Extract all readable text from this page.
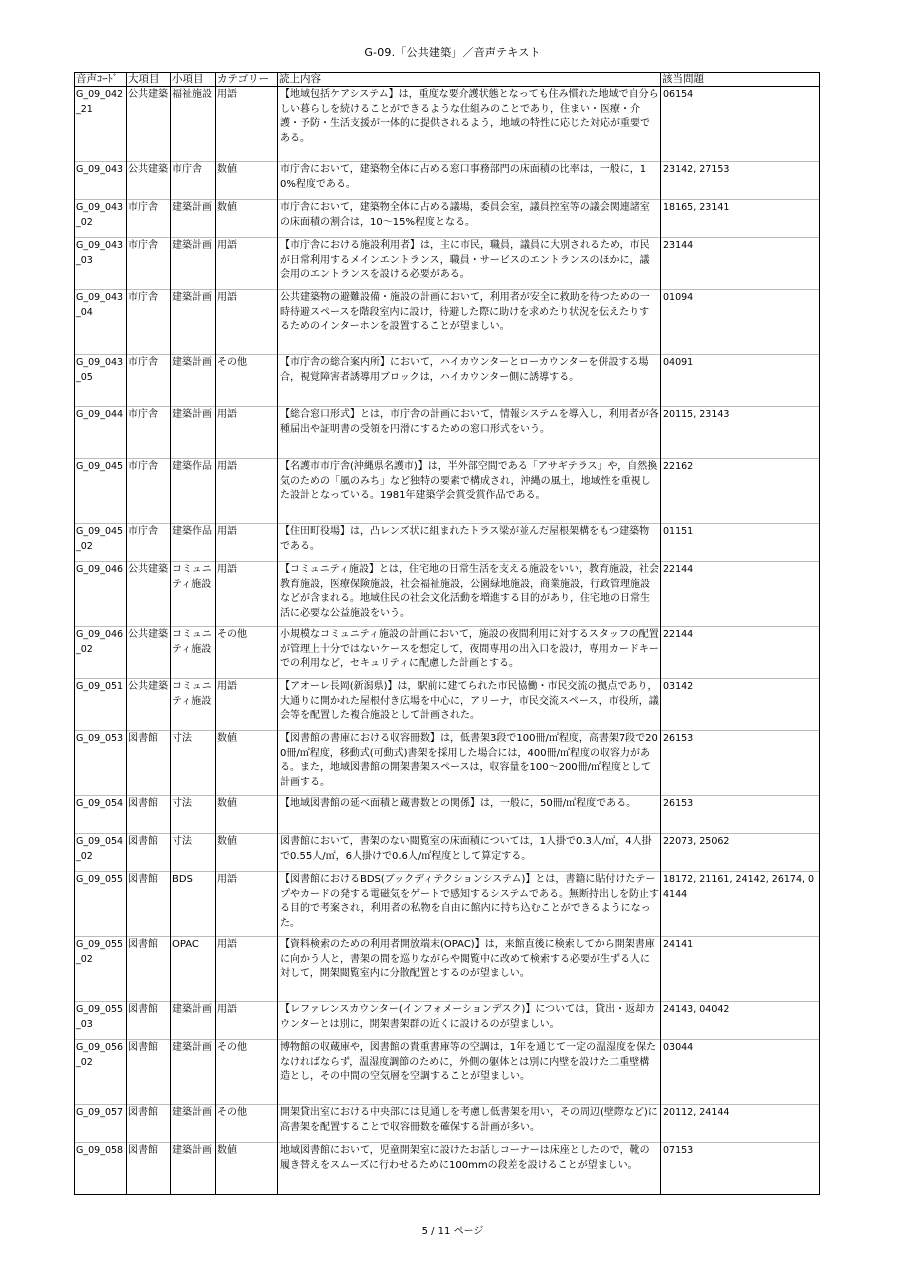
G-09.「公共建築」／音声テキスト
音声ｺｰﾄﾞ	大項目	小項目	カテゴリー	読上内容	該当問題
G_09_042_21	公共建築	福祉施設	用語	【地域包括ケアシステム】は，重度な要介護状態となっても住み慣れた地域で自分らしい暮らしを続けることができるような仕組みのことであり，住まい・医療・介護・予防・生活支援が一体的に提供されるよう，地域の特性に応じた対応が重要である。	06154
G_09_043	公共建築	市庁舎	数値	市庁舎において，建築物全体に占める窓口事務部門の床面積の比率は，一般に，10%程度である。	23142, 27153
G_09_043_02	市庁舎	建築計画	数値	市庁舎において，建築物全体に占める議場，委員会室，議員控室等の議会関連諸室の床面積の割合は，10～15%程度となる。	18165, 23141
G_09_043_03	市庁舎	建築計画	用語	【市庁舎における施設利用者】は，主に市民，職員，議員に大別されるため，市民が日常利用するメインエントランス，職員・サービスのエントランスのほかに，議会用のエントランスを設ける必要がある。	23144
G_09_043_04	市庁舎	建築計画	用語	公共建築物の避難設備・施設の計画において，利用者が安全に救助を待つための一時待避スペースを階段室内に設け，待避した際に助けを求めたり状況を伝えたりするためのインターホンを設置することが望ましい。	01094
G_09_043_05	市庁舎	建築計画	その他	【市庁舎の総合案内所】において，ハイカウンターとローカウンターを併設する場合，視覚障害者誘導用ブロックは，ハイカウンター側に誘導する。	04091
G_09_044	市庁舎	建築計画	用語	【総合窓口形式】とは，市庁舎の計画において，情報システムを導入し，利用者が各種届出や証明書の受領を円滑にするための窓口形式をいう。	20115, 23143
G_09_045	市庁舎	建築作品	用語	【名護市市庁舎(沖縄県名護市)】は，半外部空間である「アサギテラス」や，自然換気のための「風のみち」など独特の要素で構成され，沖縄の風土，地域性を重視した設計となっている。1981年建築学会賞受賞作品である。	22162
G_09_045_02	市庁舎	建築作品	用語	【住田町役場】は，凸レンズ状に組まれたトラス梁が並んだ屋根架構をもつ建築物である。	01151
G_09_046	公共建築	コミュニティ施設	用語	【コミュニティ施設】とは，住宅地の日常生活を支える施設をいい，教育施設，社会教育施設，医療保険施設，社会福祉施設，公園緑地施設，商業施設，行政管理施設などが含まれる。地域住民の社会文化活動を増進する目的があり，住宅地の日常生活に必要な公益施設をいう。	22144
G_09_046_02	公共建築	コミュニティ施設	その他	小規模なコミュニティ施設の計画において，施設の夜間利用に対するスタッフの配置が管理上十分ではないケースを想定して，夜間専用の出入口を設け，専用カードキーでの利用など，セキュリティに配慮した計画とする。	22144
G_09_051	公共建築	コミュニティ施設	用語	【アオーレ長岡(新潟県)】は，駅前に建てられた市民協働・市民交流の拠点であり，大通りに開かれた屋根付き広場を中心に，アリーナ，市民交流スペース，市役所，議会等を配置した複合施設として計画された。	03142
G_09_053	図書館	寸法	数値	【図書館の書庫における収容冊数】は，低書架3段で100冊/㎡程度，高書架7段で200冊/㎡程度，移動式(可動式)書架を採用した場合には，400冊/㎡程度の収容力がある。また，地域図書館の開架書架スペースは，収容量を100～200冊/㎡程度として計画する。	26153
G_09_054	図書館	寸法	数値	【地域図書館の延べ面積と蔵書数との関係】は，一般に，50冊/㎡程度である。	26153
G_09_054_02	図書館	寸法	数値	図書館において，書架のない閲覧室の床面積については，1人掛で0.3人/㎡，4人掛で0.55人/㎡，6人掛けで0.6人/㎡程度として算定する。	22073, 25062
G_09_055	図書館	BDS	用語	【図書館におけるBDS(ブックディテクションシステム)】とは，書籍に貼付けたテープやカードの発する電磁気をゲートで感知するシステムである。無断持出しを防止する目的で考案され，利用者の私物を自由に館内に持ち込むことができるようになった。	18172, 21161, 24142, 26174, 04144
G_09_055_02	図書館	OPAC	用語	【資料検索のための利用者開放端末(OPAC)】は，来館直後に検索してから開架書庫に向かう人と，書架の間を巡りながらや閲覧中に改めて検索する必要が生ずる人に対して，開架閲覧室内に分散配置とするのが望ましい。	24141
G_09_055_03	図書館	建築計画	用語	【レファレンスカウンター(インフォメーションデスク)】については，貸出・返却カウンターとは別に，開架書架群の近くに設けるのが望ましい。	24143, 04042
G_09_056_02	図書館	建築計画	その他	博物館の収蔵庫や，図書館の貴重書庫等の空調は，1年を通じて一定の温湿度を保たなければならず，温湿度調節のために，外側の躯体とは別に内壁を設けた二重壁構造とし，その中間の空気層を空調することが望ましい。	03044
G_09_057	図書館	建築計画	その他	開架貸出室における中央部には見通しを考慮し低書架を用い，その周辺(壁際など)に高書架を配置することで収容冊数を確保する計画が多い。	20112, 24144
G_09_058	図書館	建築計画	数値	地域図書館において，児童開架室に設けたお話しコーナーは床座としたので，靴の履き替えをスムーズに行わせるために100mmの段差を設けることが望ましい。	07153
5 / 11 ページ
